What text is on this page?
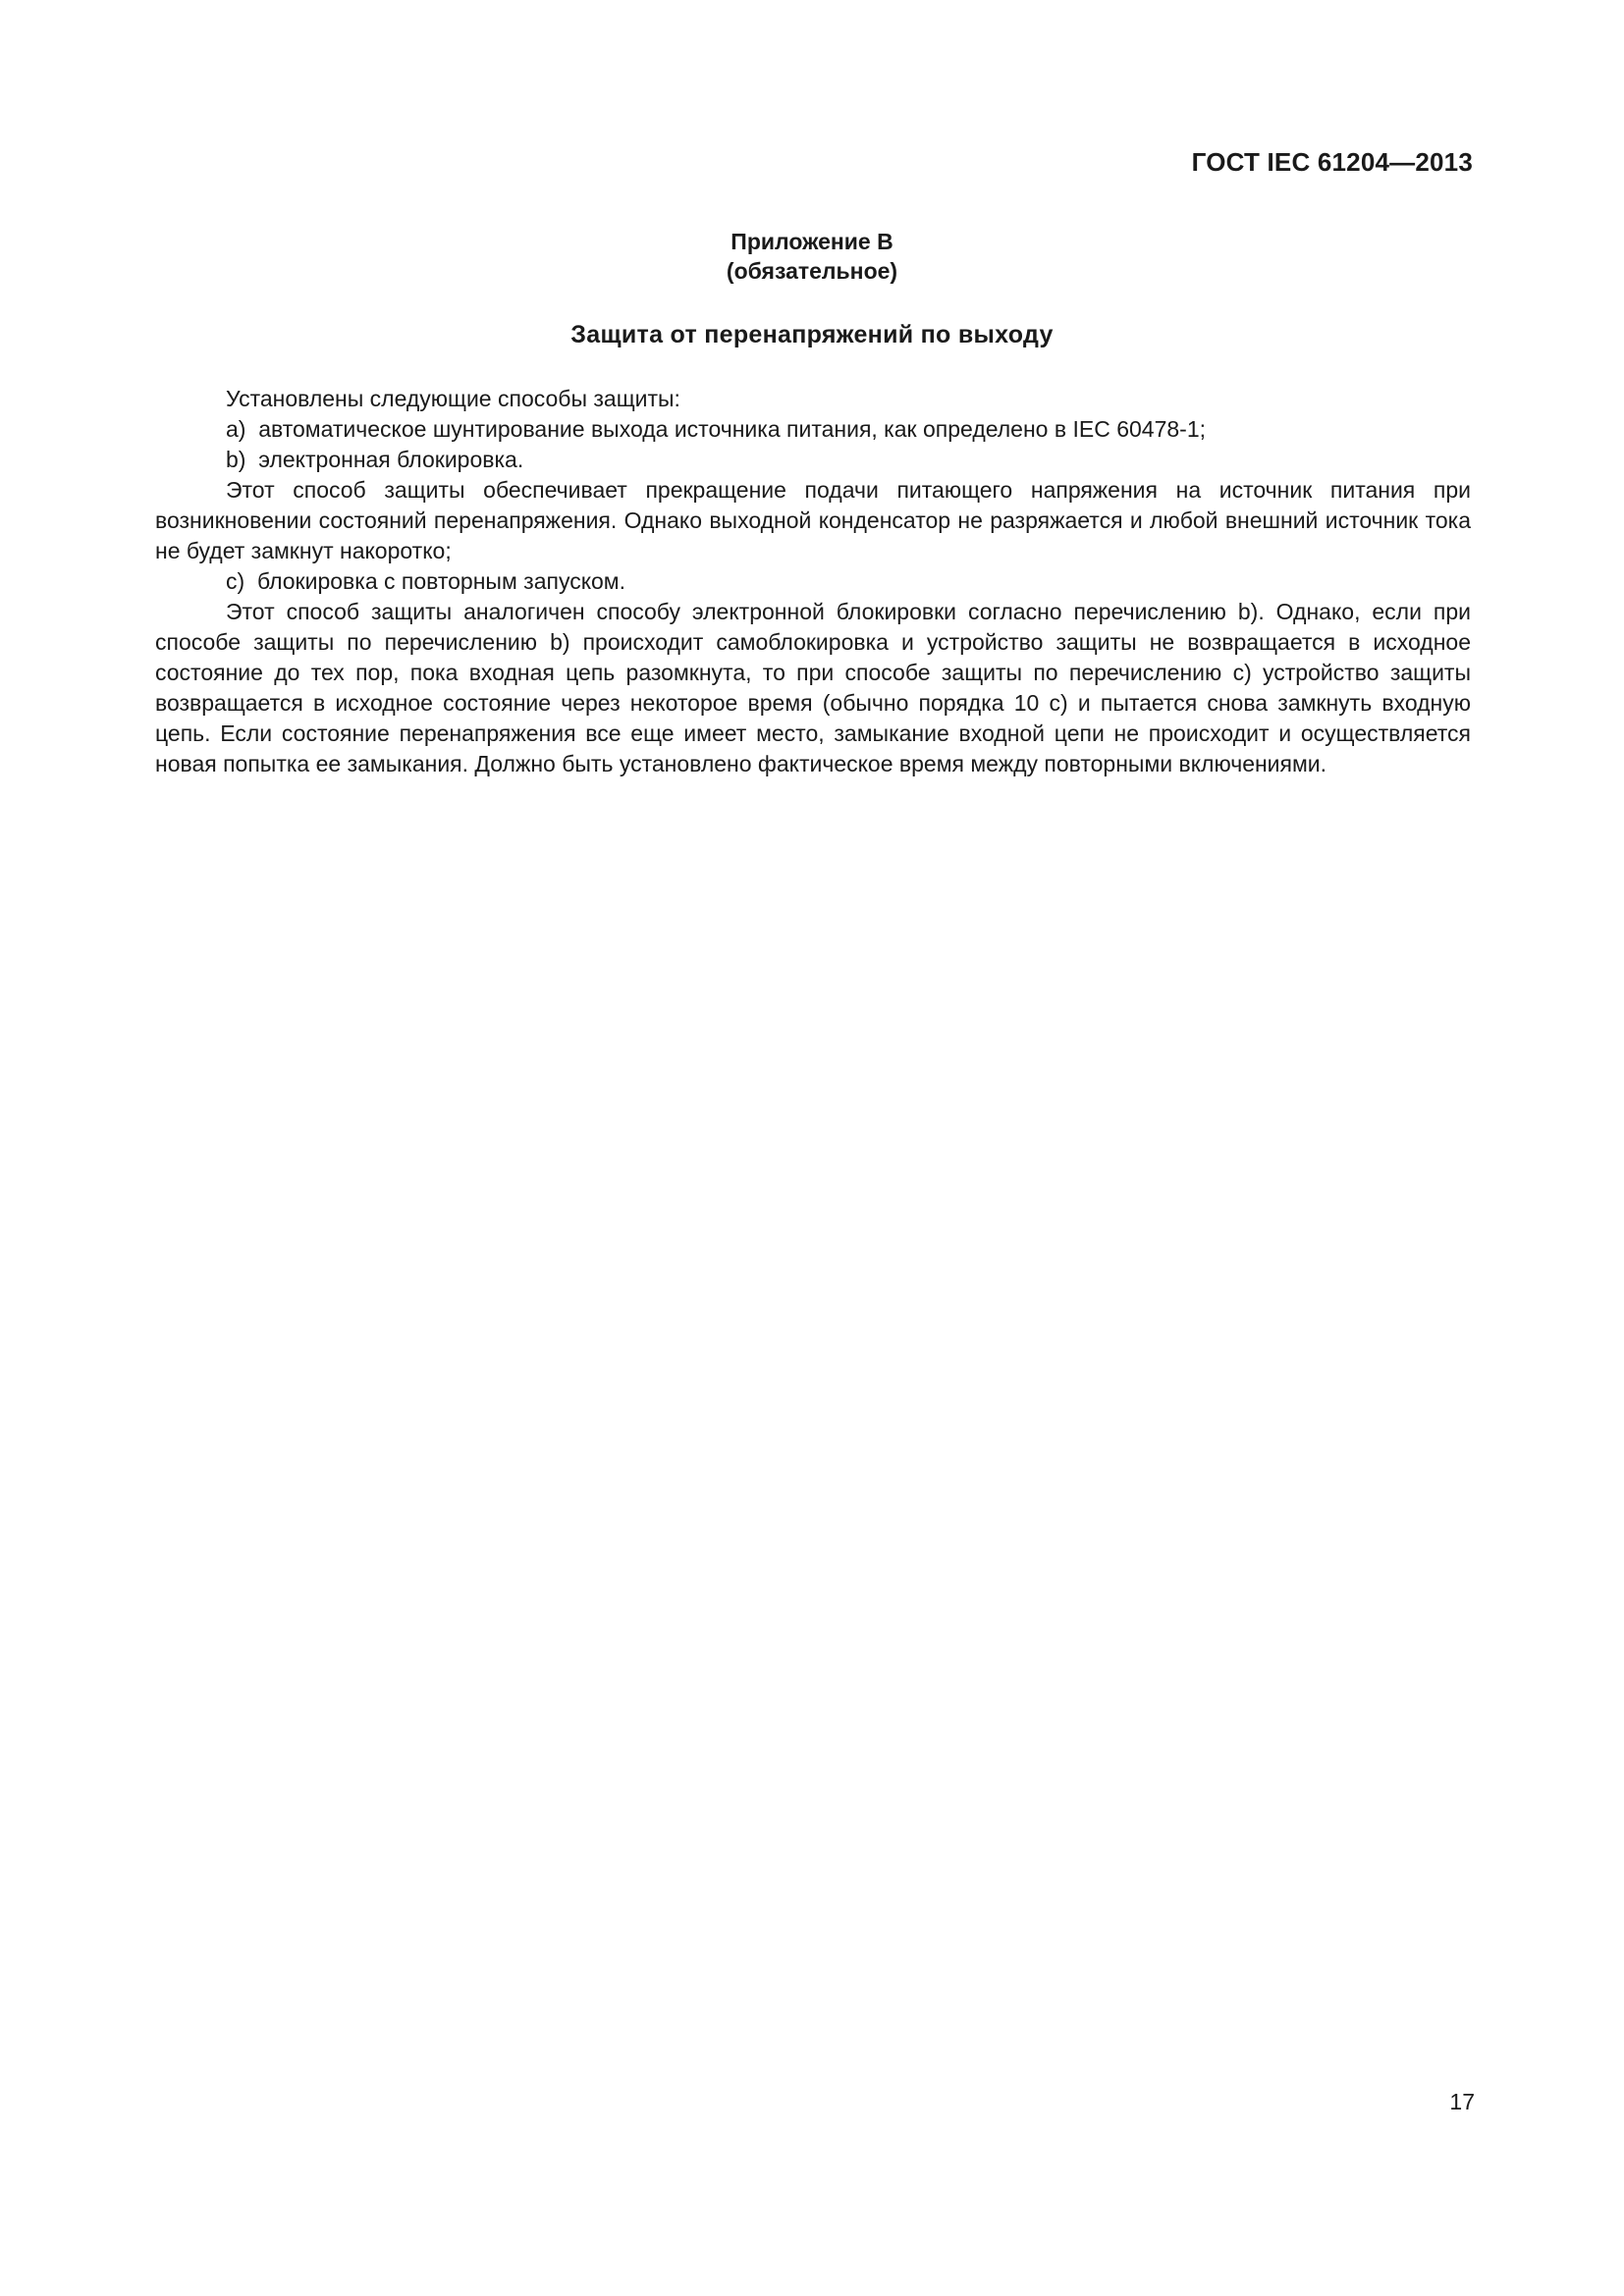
ГОСТ IEC 61204—2013
Приложение B
(обязательное)
Защита от перенапряжений по выходу

Установлены следующие способы защиты:

а)  автоматическое шунтирование выхода источника питания, как определено в IEC 60478-1;

b)  электронная блокировка.

Этот способ защиты обеспечивает прекращение подачи питающего напряжения на источник питания при возникновении состояний перенапряжения. Однако выходной конденсатор не разряжается и любой внешний источник тока не будет замкнут накоротко;

с)  блокировка с повторным запуском.

Этот способ защиты аналогичен способу электронной блокировки согласно перечислению b). Однако, если при способе защиты по перечислению b) происходит самоблокировка и устройство защиты не возвращается в исходное состояние до тех пор, пока входная цепь разомкнута, то при способе защиты по перечислению с) устройство защиты возвращается в исходное состояние через некоторое время (обычно порядка 10 с) и пытается снова замкнуть входную цепь. Если состояние перенапряжения все еще имеет место, замыкание входной цепи не происходит и осуществляется новая попытка ее замыкания. Должно быть установлено фактическое время между повторными включениями.

17
